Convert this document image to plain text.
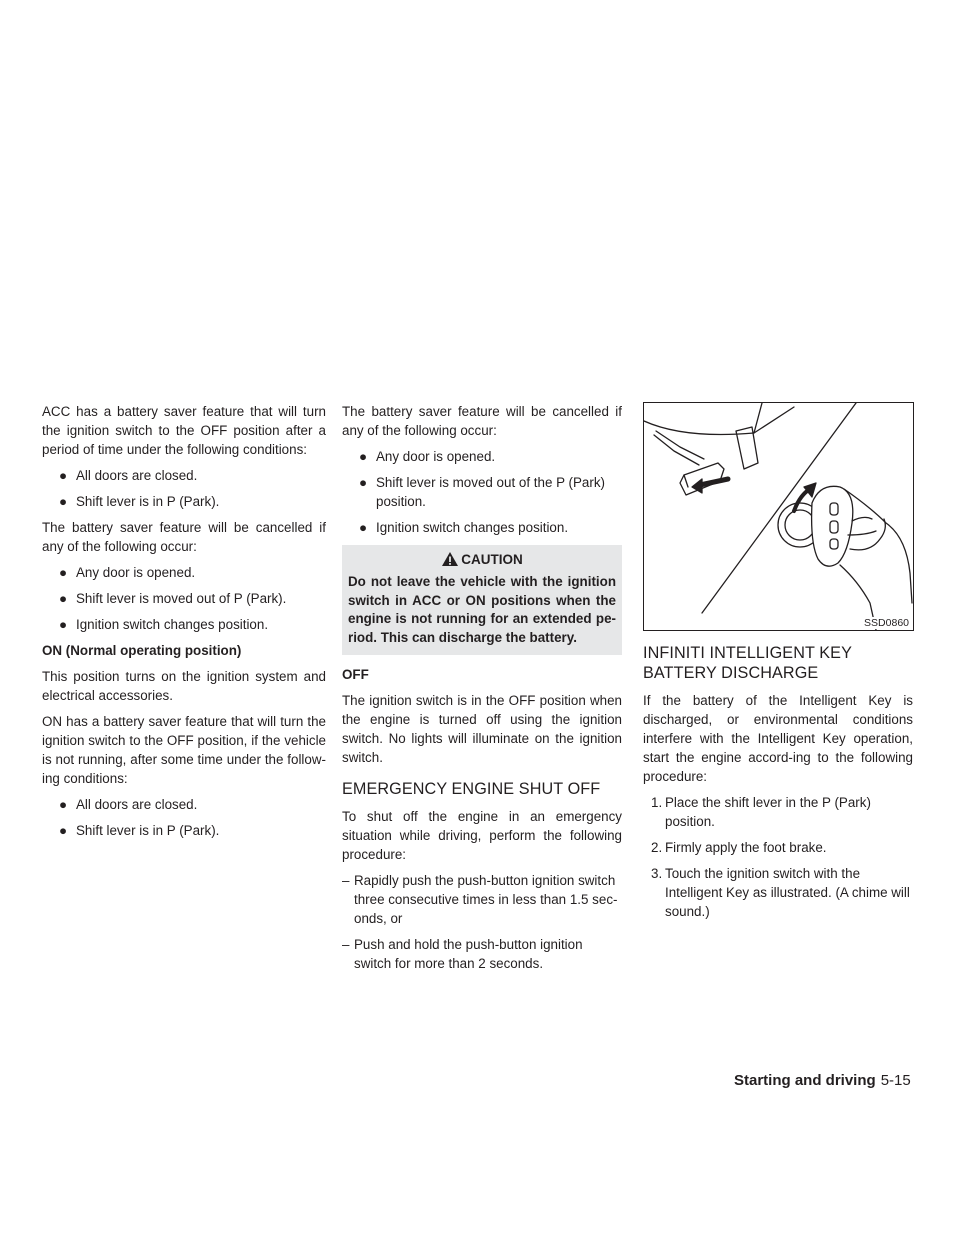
ACC has a battery saver feature that will turn the ignition switch to the OFF position after a period of time under the following conditions:

● All doors are closed.
● Shift lever is in P (Park).

The battery saver feature will be cancelled if any of the following occur:

● Any door is opened.
● Shift lever is moved out of P (Park).
● Ignition switch changes position.
ON (Normal operating position)

This position turns on the ignition system and electrical accessories.

ON has a battery saver feature that will turn the ignition switch to the OFF position, if the vehicle is not running, after some time under the follow-ing conditions:

● All doors are closed.
● Shift lever is in P (Park).

The battery saver feature will be cancelled if any of the following occur:

● Any door is opened.
● Shift lever is moved out of the P (Park) position.
● Ignition switch changes position.
CAUTION
Do not leave the vehicle with the ignition switch in ACC or ON positions when the engine is not running for an extended pe-riod. This can discharge the battery.
OFF

The ignition switch is in the OFF position when the engine is turned off using the ignition switch. No lights will illuminate on the ignition switch.

EMERGENCY ENGINE SHUT OFF

To shut off the engine in an emergency situation while driving, perform the following procedure:

– Rapidly push the push-button ignition switch three consecutive times in less than 1.5 sec-onds, or
– Push and hold the push-button ignition switch for more than 2 seconds.
SSD0860
INFINITI INTELLIGENT KEY BATTERY DISCHARGE

If the battery of the Intelligent Key is discharged, or environmental conditions interfere with the Intelligent Key operation, start the engine accord-ing to the following procedure:

1. Place the shift lever in the P (Park) position.
2. Firmly apply the foot brake.
3. Touch the ignition switch with the Intelligent Key as illustrated. (A chime will sound.)
Starting and driving 5-15
